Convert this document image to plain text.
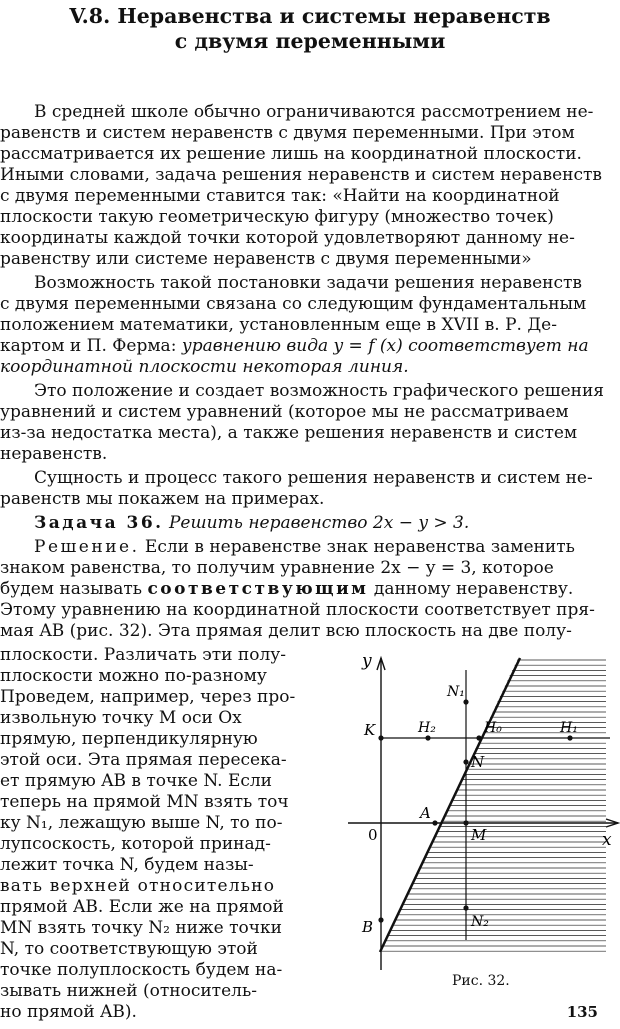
V.8. Неравенства и системы неравенств
с двумя переменными
В средней школе обычно ограничиваются рассмотрением не-
равенств и систем неравенств с двумя переменными. При этом
рассматривается их решение лишь на координатной плоскости.
Иными словами, задача решения неравенств и систем неравенств
с двумя переменными ставится так: «Найти на координатной
плоскости такую геометрическую фигуру (множество точек)
координаты каждой точки которой удовлетворяют данному не-
равенству или системе неравенств с двумя переменными»
Возможность такой постановки задачи решения неравенств
с двумя переменными связана со следующим фундаментальным
положением математики, установленным еще в XVII в. Р. Де-
картом и П. Ферма: уравнению вида y = f (x) соответствует на
координатной плоскости некоторая линия.
Это положение и создает возможность графического решения
уравнений и систем уравнений (которое мы не рассматриваем
из-за недостатка места), а также решения неравенств и систем
неравенств.
Сущность и процесс такого решения неравенств и систем не-
равенств мы покажем на примерах.
Задача 36. Решить неравенство 2x − y > 3.
Решение. Если в неравенстве знак неравенства заменить
знаком равенства, то получим уравнение 2x − y = 3, которое
будем называть соответствующим данному неравенству.
Этому уравнению на координатной плоскости соответствует пря-
мая AB (рис. 32). Эта прямая делит всю плоскость на две полу-
плоскости. Различать эти полу-
плоскости можно по-разному
Проведем, например, через про-
извольную точку M оси Ox
прямую, перпендикулярную
этой оси. Эта прямая пересека-
ет прямую AB в точке N. Если
теперь на прямой MN взять точ
ку N₁, лежащую выше N, то по-
лупсоскость, которой принад-
лежит точка N, будем назы-
вать верхней относительно
прямой AB. Если же на прямой
MN взять точку N₂ ниже точки
N, то соответствующую этой
точке полуплоскость будем на-
зывать нижней (относитель-
но прямой AB).
y
x
0
K	H₂	H₀	H₁
N₁
N
A
M
B	N₂
Рис. 32.
135
